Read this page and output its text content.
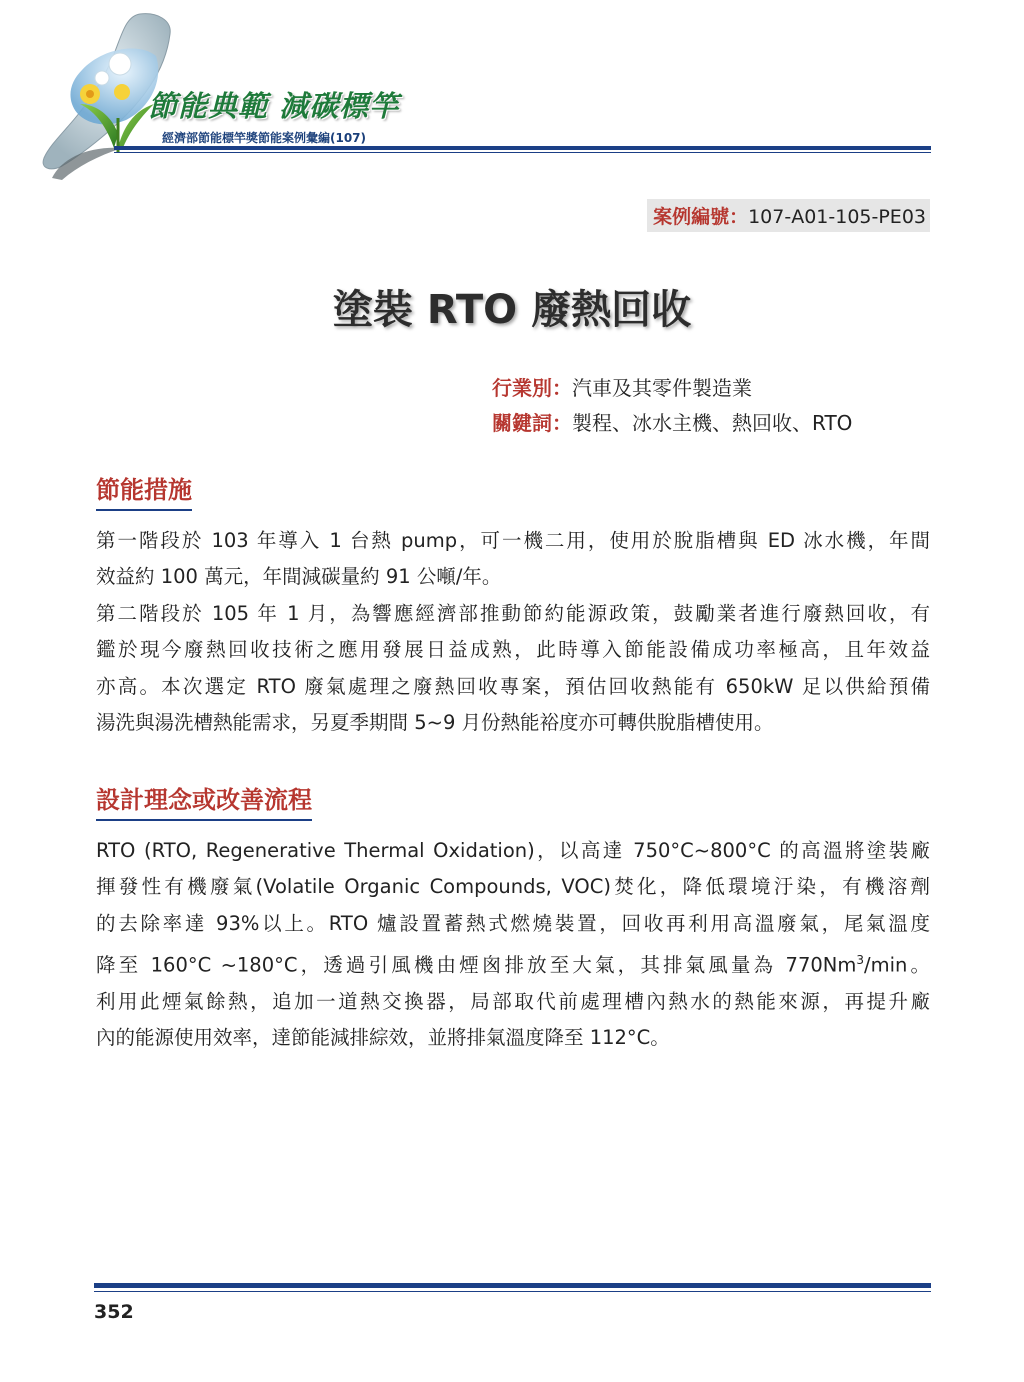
節能典範 減碳標竿
經濟部節能標竿獎節能案例彙編(107)
案例編號：107-A01-105-PE03
塗裝 RTO 廢熱回收
行業別：汽車及其零件製造業
關鍵詞：製程、冰水主機、熱回收、RTO
節能措施
第一階段於 103 年導入 1 台熱 pump，可一機二用，使用於脫脂槽與 ED 冰水機，年間
效益約 100 萬元，年間減碳量約 91 公噸/年。
第二階段於 105 年 1 月，為響應經濟部推動節約能源政策，鼓勵業者進行廢熱回收，有
鑑於現今廢熱回收技術之應用發展日益成熟，此時導入節能設備成功率極高，且年效益
亦高。本次選定 RTO 廢氣處理之廢熱回收專案，預估回收熱能有 650kW 足以供給預備
湯洗與湯洗槽熱能需求，另夏季期間 5~9 月份熱能裕度亦可轉供脫脂槽使用。
設計理念或改善流程
RTO (RTO, Regenerative Thermal Oxidation)，以高達 750°C~800°C 的高溫將塗裝廠
揮發性有機廢氣(Volatile Organic Compounds, VOC)焚化，降低環境汙染，有機溶劑
的去除率達 93%以上。RTO 爐設置蓄熱式燃燒裝置，回收再利用高溫廢氣，尾氣溫度
降至 160°C ~180°C，透過引風機由煙囪排放至大氣，其排氣風量為 770Nm$^3$/min。
利用此煙氣餘熱，追加一道熱交換器，局部取代前處理槽內熱水的熱能來源，再提升廠
內的能源使用效率，達節能減排綜效，並將排氣溫度降至 112°C。
352
